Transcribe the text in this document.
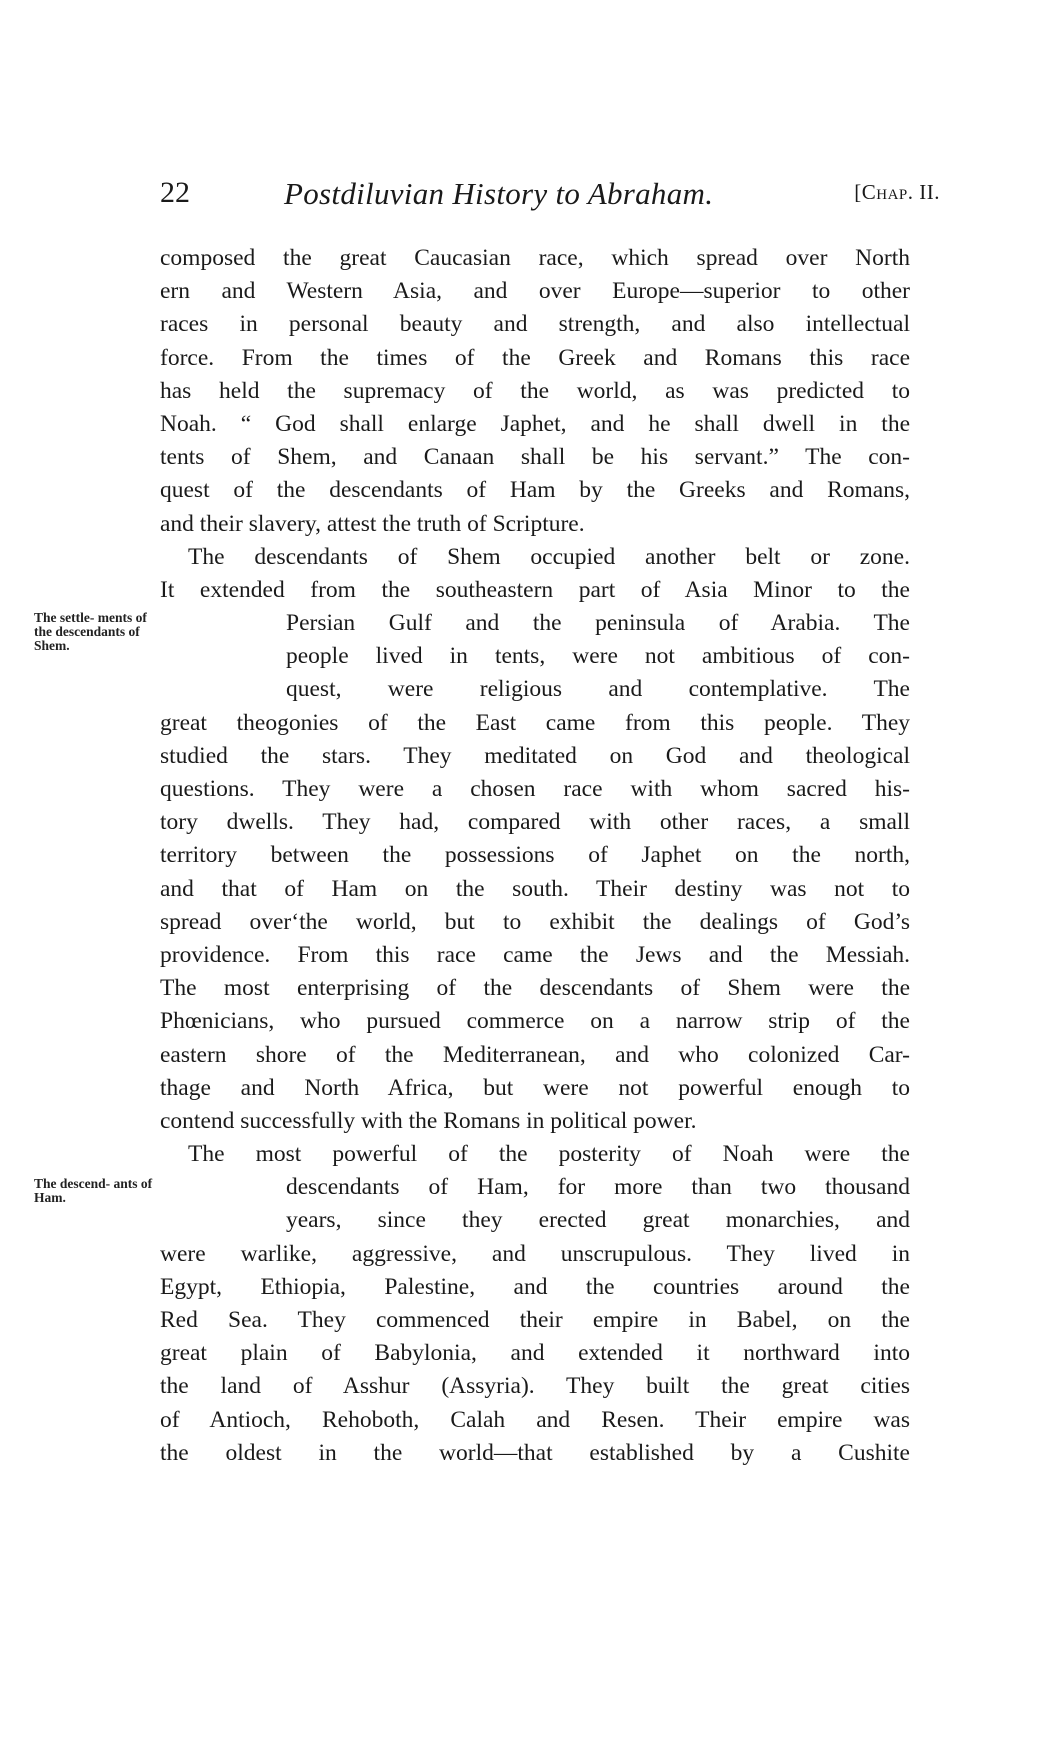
22	Postdiluvian History to Abraham.	[Chap. II.
composed the great Caucasian race, which spread over North
ern and Western Asia, and over Europe—superior to other
races in personal beauty and strength, and also intellectual
force. From the times of the Greek and Romans this race
has held the supremacy of the world, as was predicted to
Noah. “ God shall enlarge Japhet, and he shall dwell in the
tents of Shem, and Canaan shall be his servant.” The con-
quest of the descendants of Ham by the Greeks and Romans,
and their slavery, attest the truth of Scripture.
The descendants of Shem occupied another belt or zone.
It extended from the southeastern part of Asia Minor to the
The settle- ments of the descendants of Shem.
Persian Gulf and the peninsula of Arabia. The
people lived in tents, were not ambitious of con-
quest, were religious and contemplative. The
great theogonies of the East came from this people. They
studied the stars. They meditated on God and theological
questions. They were a chosen race with whom sacred his-
tory dwells. They had, compared with other races, a small
territory between the possessions of Japhet on the north,
and that of Ham on the south. Their destiny was not to
spread over‘the world, but to exhibit the dealings of God’s
providence. From this race came the Jews and the Messiah.
The most enterprising of the descendants of Shem were the
Phœnicians, who pursued commerce on a narrow strip of the
eastern shore of the Mediterranean, and who colonized Car-
thage and North Africa, but were not powerful enough to
contend successfully with the Romans in political power.
The most powerful of the posterity of Noah were the
The descend- ants of Ham.	descendants of Ham, for more than two thousand
years, since they erected great monarchies, and
were warlike, aggressive, and unscrupulous. They lived in
Egypt, Ethiopia, Palestine, and the countries around the
Red Sea. They commenced their empire in Babel, on the
great plain of Babylonia, and extended it northward into
the land of Asshur (Assyria). They built the great cities
of Antioch, Rehoboth, Calah and Resen. Their empire was
the oldest in the world—that established by a Cushite
